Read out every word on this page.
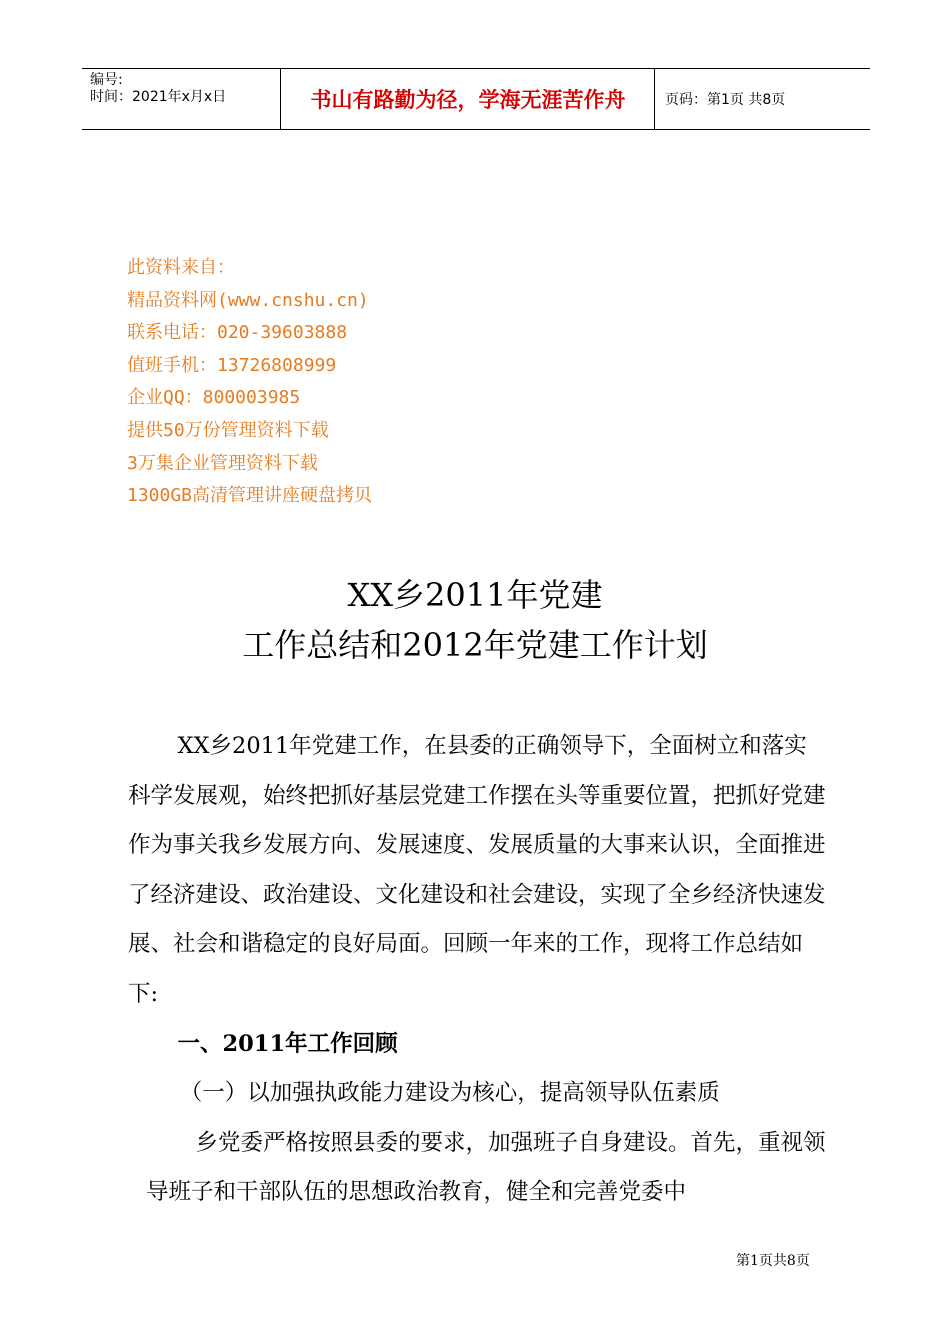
编号:
时间：2021年x月x日	书山有路勤为径，学海无涯苦作舟	页码：第1页 共8页
此资料来自：
精品资料网(www.cnshu.cn)
联系电话：020-39603888
值班手机：13726808999
企业QQ：800003985
提供50万份管理资料下载
3万集企业管理资料下载
1300GB高清管理讲座硬盘拷贝
XX乡2011年党建
工作总结和2012年党建工作计划

XX乡2011年党建工作，在县委的正确领导下，全面树立和落实科学发展观，始终把抓好基层党建工作摆在头等重要位置，把抓好党建作为事关我乡发展方向、发展速度、发展质量的大事来认识，全面推进了经济建设、政治建设、文化建设和社会建设，实现了全乡经济快速发展、社会和谐稳定的良好局面。回顾一年来的工作，现将工作总结如下:

一、2011年工作回顾

（一）以加强执政能力建设为核心，提高领导队伍素质

乡党委严格按照县委的要求，加强班子自身建设。首先，重视领导班子和干部队伍的思想政治教育，健全和完善党委中

第1页共8页
